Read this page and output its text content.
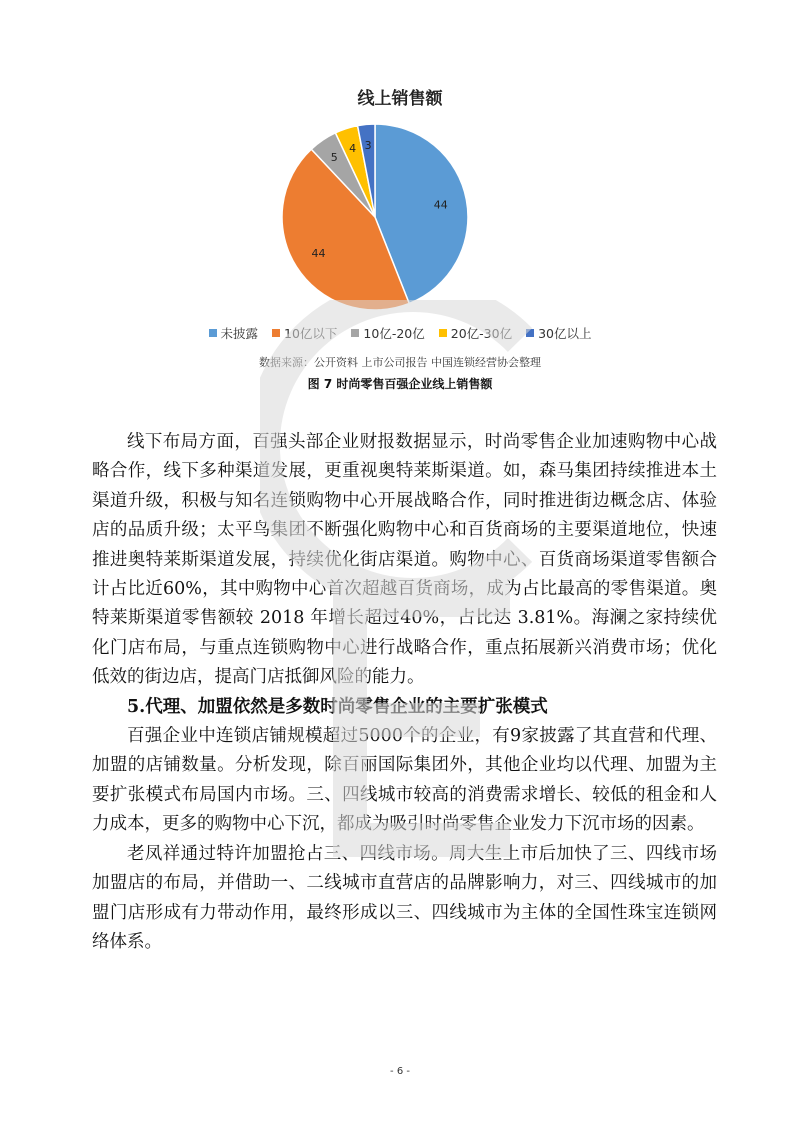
线上销售额
44
44
5
4 3
未披露 10亿以下 10亿-20亿 20亿-30亿 30亿以上
数据来源：公开资料 上市公司报告 中国连锁经营协会整理
图 7 时尚零售百强企业线上销售额

线下布局方面，百强头部企业财报数据显示，时尚零售企业加速购物中心战略合作，线下多种渠道发展，更重视奥特莱斯渠道。如，森马集团持续推进本土渠道升级，积极与知名连锁购物中心开展战略合作，同时推进街边概念店、体验店的品质升级；太平鸟集团不断强化购物中心和百货商场的主要渠道地位，快速推进奥特莱斯渠道发展，持续优化街店渠道。购物中心、百货商场渠道零售额合计占比近60%，其中购物中心首次超越百货商场，成为占比最高的零售渠道。奥特莱斯渠道零售额较 2018 年增长超过40%，占比达 3.81%。海澜之家持续优化门店布局，与重点连锁购物中心进行战略合作，重点拓展新兴消费市场；优化低效的街边店，提高门店抵御风险的能力。

5.代理、加盟依然是多数时尚零售企业的主要扩张模式

百强企业中连锁店铺规模超过5000个的企业，有9家披露了其直营和代理、加盟的店铺数量。分析发现，除百丽国际集团外，其他企业均以代理、加盟为主要扩张模式布局国内市场。三、四线城市较高的消费需求增长、较低的租金和人力成本，更多的购物中心下沉，都成为吸引时尚零售企业发力下沉市场的因素。

老凤祥通过特许加盟抢占三、四线市场。周大生上市后加快了三、四线市场加盟店的布局，并借助一、二线城市直营店的品牌影响力，对三、四线城市的加盟门店形成有力带动作用，最终形成以三、四线城市为主体的全国性珠宝连锁网络体系。

- 6 -
